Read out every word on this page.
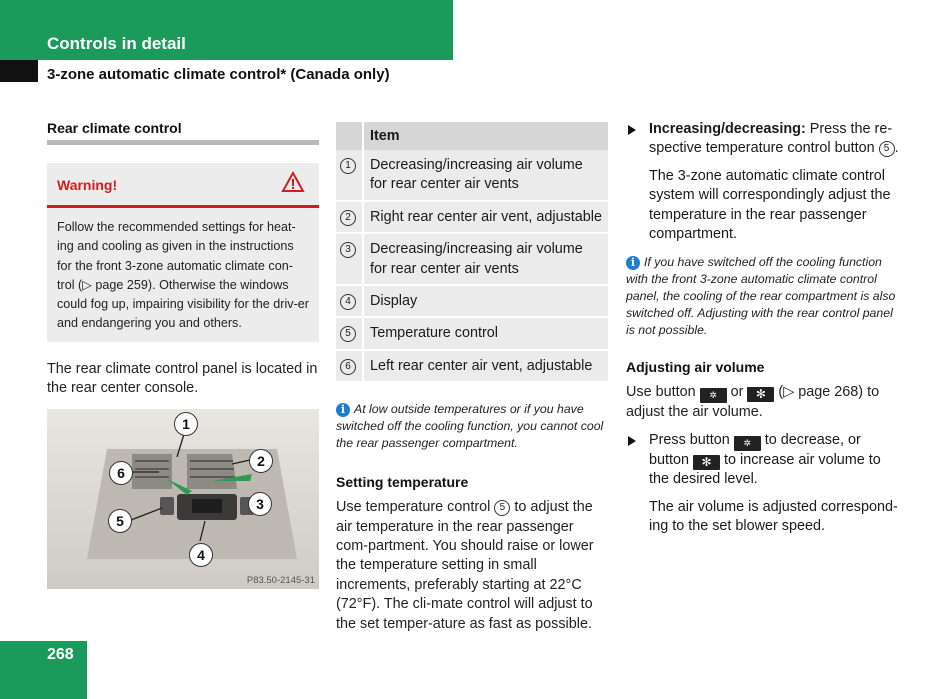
Controls in detail
3-zone automatic climate control* (Canada only)
Rear climate control
Warning!
Follow the recommended settings for heat-ing and cooling as given in the instructions for the front 3-zone automatic climate con-trol (▷ page 259). Otherwise the windows could fog up, impairing visibility for the driv-er and endangering you and others.
The rear climate control panel is located in the rear center console.
1
2
3
4
5
6
P83.50-2145-31
	Item
1	Decreasing/increasing air volume for rear center air vents
2	Right rear center air vent, adjustable
3	Decreasing/increasing air volume for rear center air vents
4	Display
5	Temperature control
6	Left rear center air vent, adjustable
i At low outside temperatures or if you have switched off the cooling function, you cannot cool the rear passenger compartment.
Setting temperature
Use temperature control 5 to adjust the air temperature in the rear passenger com-partment. You should raise or lower the temperature setting in small increments, preferably starting at 22°C (72°F). The cli-mate control will adjust to the set temper-ature as fast as possible.
Increasing/decreasing: Press the re-spective temperature control button 5 .
The 3-zone automatic climate control system will correspondingly adjust the temperature in the rear passenger compartment.
i If you have switched off the cooling function with the front 3-zone automatic climate control panel, the cooling of the rear compartment is also switched off. Adjusting with the rear control panel is not possible.
Adjusting air volume
Use button ✲ or ✻ (▷ page 268) to adjust the air volume.
Press button ✲ to decrease, or button ✻ to increase air volume to the desired level.
The air volume is adjusted correspond-ing to the set blower speed.
268
